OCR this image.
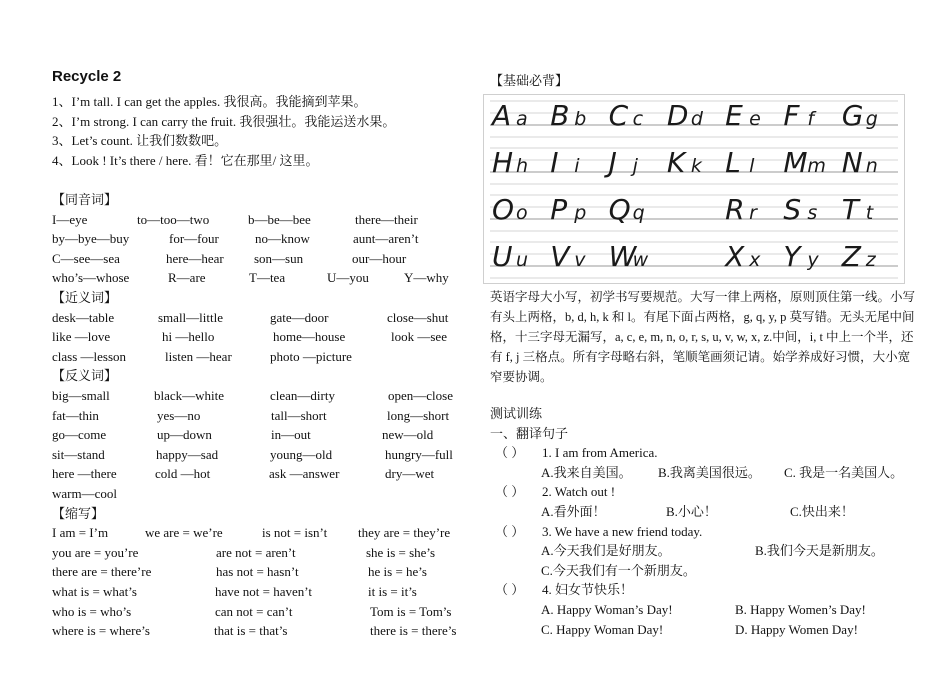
Recycle 2
1、I’m tall. I can get the apples. 我很高。我能摘到苹果。
2、I’m strong. I can carry the fruit. 我很强壮。我能运送水果。
3、Let’s count. 让我们数数吧。
4、Look ! It’s there / here. 看！它在那里/ 这里。
【同音词】
I—eye	to—too—two	b—be—bee	there—their
by—bye—buy	for—four	no—know	aunt—aren’t
C—see—sea	here—hear son—sun	our—hour
who’s—whose	R—are	T—tea	U—you	Y—why
【近义词】
desk—table	small—little	gate—door	close—shut
like —love	hi —hello	home—house	look —see
class —lesson	listen —hear	photo —picture
【反义词】
big—small	black—white	clean—dirty	open—close
fat—thin	yes—no	tall—short	long—short
go—come	up—down	in—out	new—old
sit—stand	happy—sad	young—old	hungry—full
here —there	cold —hot	ask —answer	dry—wet
warm—cool
【缩写】
I am = I’m	we are = we’re	is not = isn’t they are = they’re
you are = you’re	are not = aren’t	she is = she’s
there are = there’re	has not = hasn’t	he is = he’s
what is = what’s	have not = haven’t	it is = it’s
who is = who’s	can not = can’t	Tom is = Tom’s
where is = where’s	that is = that’s	there is = there’s
【基础必背】
A a B b C c D d E e F f G g
H h I i J j K k L l M m N n
O o P p Q q	R r S s T t
U u V v W
w	X x Y y Z z
英语字母大小写，初学书写要规范。大写一律上两格，原则顶住第一线。小写有头上两格，b, d, h, k 和 l。有尾下面占两格，g, q, y, p 莫写错。无头无尾中间格，十三字母无漏写，a, c, e, m, n, o, r, s, u, v, w, x, z.中间，i, t 中上一个半，还有 f, j 三格点。所有字母略右斜，笔顺笔画须记请。始学养成好习惯，大小宽窄要协调。
测试训练
一、翻译句子
（ ） 1. I am from America.
A.我来自美国。 B.我离美国很远。 C. 我是一名美国人。
（ ） 2. Watch out !
A.看外面！	B.小心！	C.快出来！
（ ） 3. We have a new friend today.
A.今天我们是好朋友。	B.我们今天是新朋友。
C.今天我们有一个新朋友。
（ ） 4. 妇女节快乐！
A. Happy Woman’s Day!	B. Happy Women’s Day!
C. Happy Woman Day!	D. Happy Women Day!
